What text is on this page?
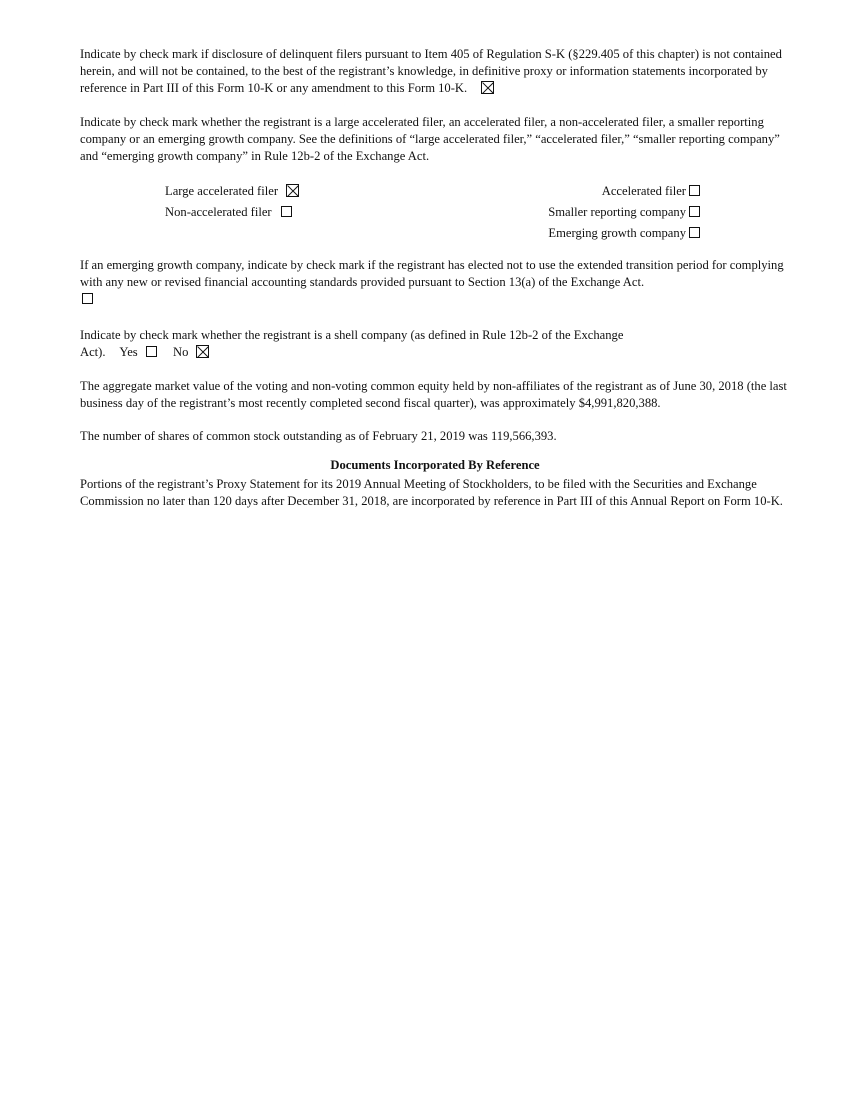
Indicate by check mark if disclosure of delinquent filers pursuant to Item 405 of Regulation S-K (§229.405 of this chapter) is not contained herein, and will not be contained, to the best of the registrant’s knowledge, in definitive proxy or information statements incorporated by reference in Part III of this Form 10-K or any amendment to this Form 10-K.

Indicate by check mark whether the registrant is a large accelerated filer, an accelerated filer, a non-accelerated filer, a smaller reporting company or an emerging growth company. See the definitions of “large accelerated filer,” “accelerated filer,” “smaller reporting company” and “emerging growth company” in Rule 12b-2 of the Exchange Act.

Large accelerated filer
Non-accelerated filer
Accelerated filer
Smaller reporting company
Emerging growth company

If an emerging growth company, indicate by check mark if the registrant has elected not to use the extended transition period for complying with any new or revised financial accounting standards provided pursuant to Section 13(a) of the Exchange Act.

Indicate by check mark whether the registrant is a shell company (as defined in Rule 12b-2 of the Exchange
Act). Yes	No

The aggregate market value of the voting and non-voting common equity held by non-affiliates of the registrant as of June 30, 2018 (the last business day of the registrant’s most recently completed second fiscal quarter), was approximately $4,991,820,388.

The number of shares of common stock outstanding as of February 21, 2019 was 119,566,393.

Documents Incorporated By Reference

Portions of the registrant’s Proxy Statement for its 2019 Annual Meeting of Stockholders, to be filed with the Securities and Exchange Commission no later than 120 days after December 31, 2018, are incorporated by reference in Part III of this Annual Report on Form 10-K.
